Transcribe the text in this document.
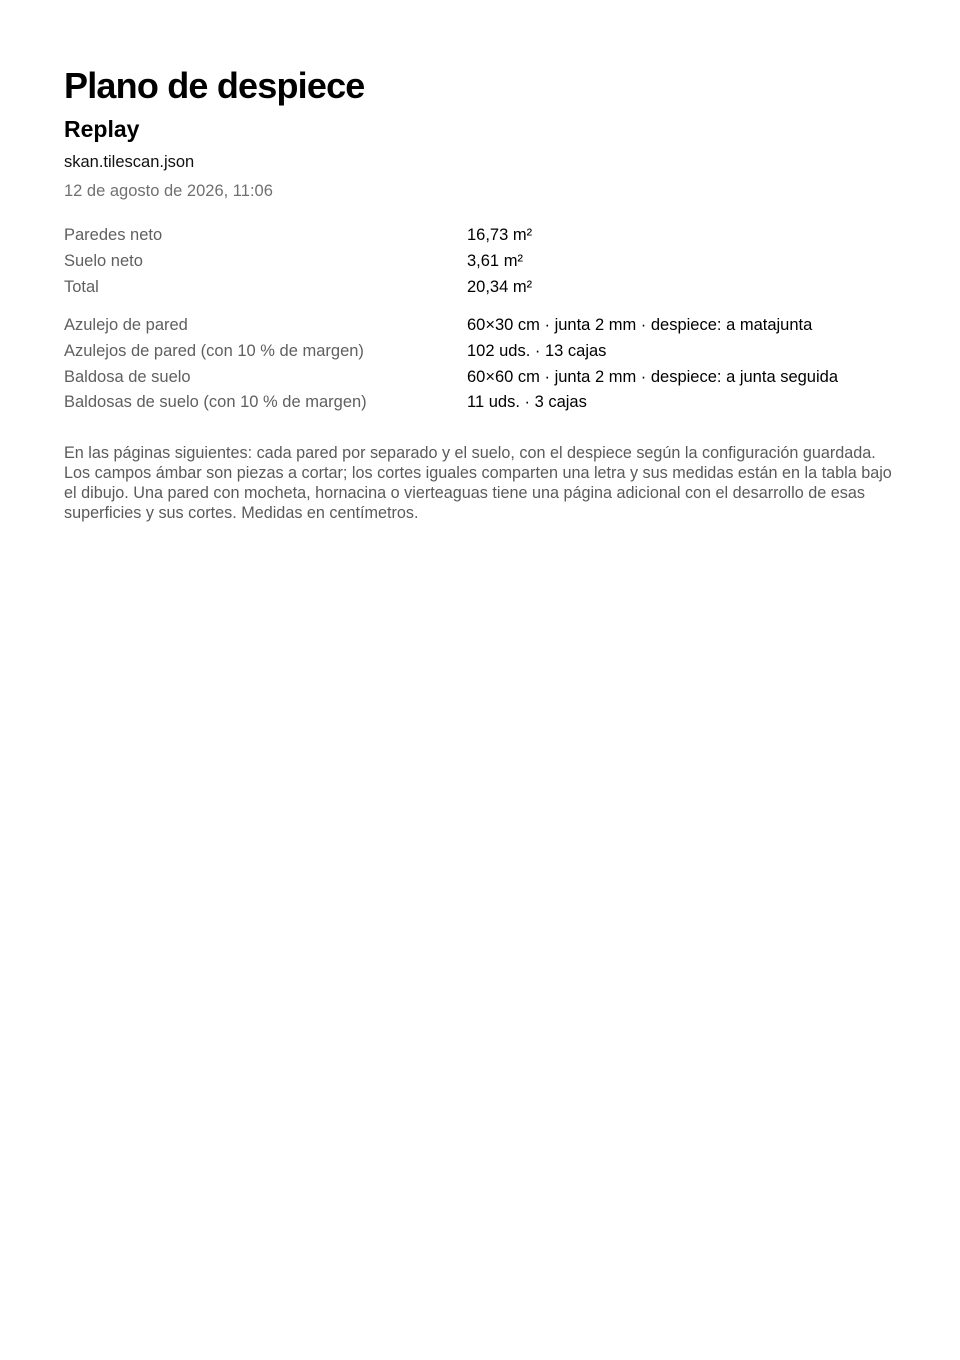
Plano de despiece
Replay
skan.tilescan.json
12 de agosto de 2026, 11:06
Paredes neto	16,73 m²
Suelo neto	3,61 m²
Total	20,34 m²
Azulejo de pared	60×30 cm · junta 2 mm · despiece: a matajunta
Azulejos de pared (con 10 % de margen)	102 uds. · 13 cajas
Baldosa de suelo	60×60 cm · junta 2 mm · despiece: a junta seguida
Baldosas de suelo (con 10 % de margen)	11 uds. · 3 cajas

En las páginas siguientes: cada pared por separado y el suelo, con el despiece según la configuración guardada. Los campos ámbar son piezas a cortar; los cortes iguales comparten una letra y sus medidas están en la tabla bajo el dibujo. Una pared con mocheta, hornacina o vierteaguas tiene una página adicional con el desarrollo de esas superficies y sus cortes. Medidas en centímetros.
